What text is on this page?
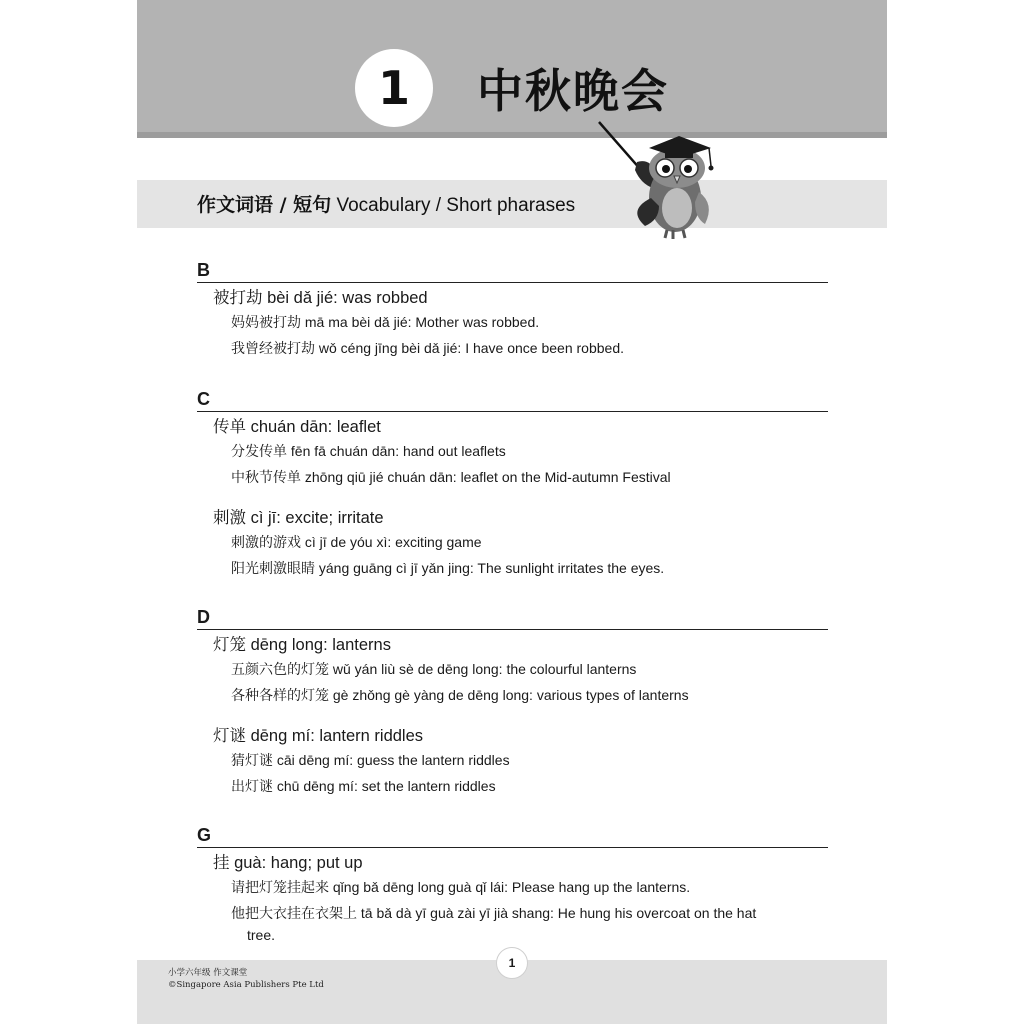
1	中秋晚会
作文词语 / 短句 Vocabulary / Short pharases
B
被打劫 bèi dǎ jié: was robbed
妈妈被打劫 mā ma bèi dǎ jié: Mother was robbed.
我曾经被打劫 wǒ céng jīng bèi dǎ jié: I have once been robbed.
C
传单 chuán dān: leaflet
分发传单 fēn fā chuán dān: hand out leaflets
中秋节传单 zhōng qiū jié chuán dān: leaflet on the Mid-autumn Festival
刺激 cì jī: excite; irritate
刺激的游戏 cì jī de yóu xì: exciting game
阳光刺激眼睛 yáng guāng cì jī yǎn jing: The sunlight irritates the eyes.
D
灯笼 dēng long: lanterns
五颜六色的灯笼 wǔ yán liù sè de dēng long: the colourful lanterns
各种各样的灯笼 gè zhǒng gè yàng de dēng long: various types of lanterns
灯谜 dēng mí: lantern riddles
猜灯谜 cāi dēng mí: guess the lantern riddles
出灯谜 chū dēng mí: set the lantern riddles
G
挂 guà: hang; put up
请把灯笼挂起来 qǐng bǎ dēng long guà qǐ lái: Please hang up the lanterns.
他把大衣挂在衣架上 tā bǎ dà yī guà zài yī jià shang: He hung his overcoat on the hat
tree.
1
小学六年级 作文课堂
©Singapore Asia Publishers Pte Ltd
